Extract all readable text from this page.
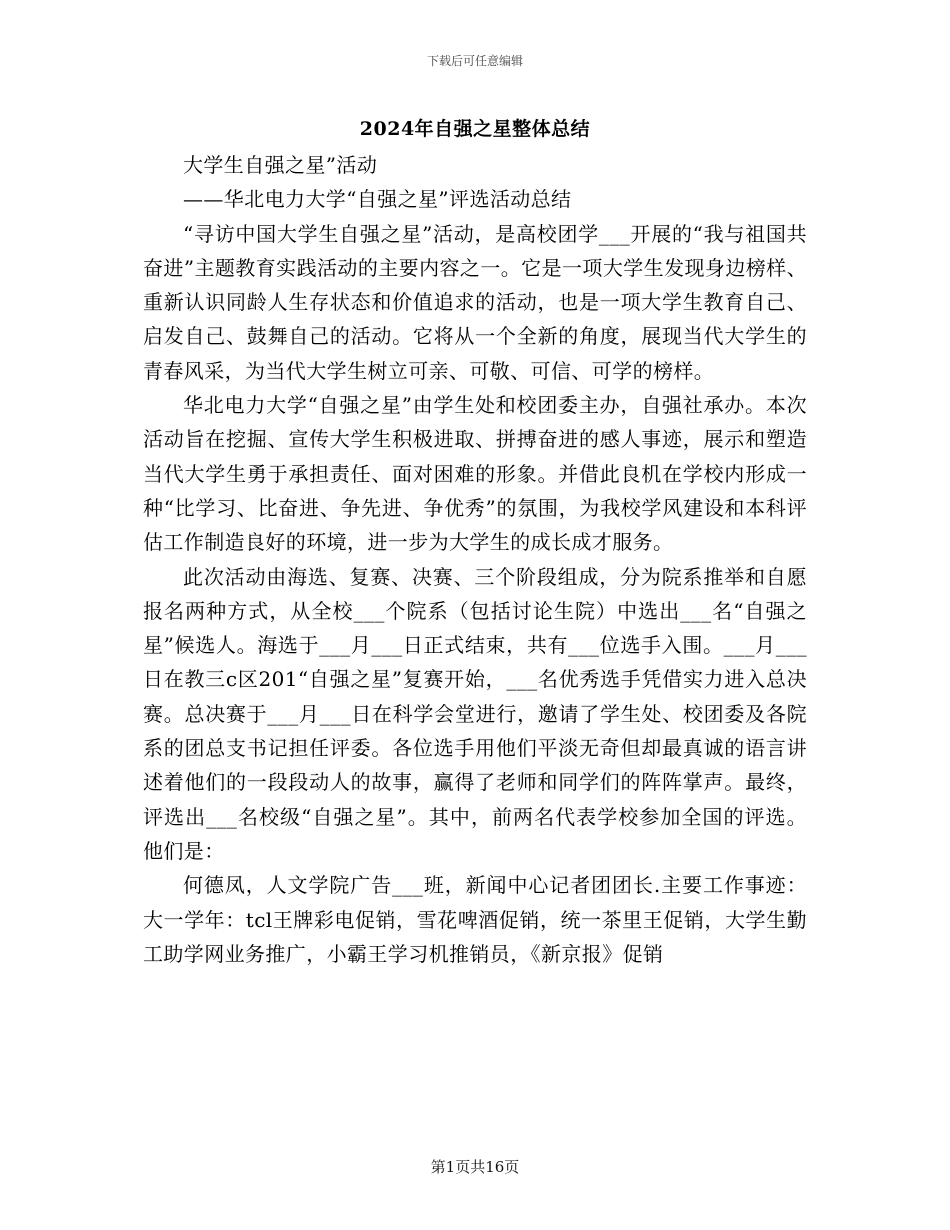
下载后可任意编辑
2024年自强之星整体总结

大学生自强之星”活动

——华北电力大学“自强之星”评选活动总结

“寻访中国大学生自强之星”活动，是高校团学___开展的“我与祖国共奋进”主题教育实践活动的主要内容之一。它是一项大学生发现身边榜样、重新认识同龄人生存状态和价值追求的活动，也是一项大学生教育自己、启发自己、鼓舞自己的活动。它将从一个全新的角度，展现当代大学生的青春风采，为当代大学生树立可亲、可敬、可信、可学的榜样。

华北电力大学“自强之星”由学生处和校团委主办，自强社承办。本次活动旨在挖掘、宣传大学生积极进取、拼搏奋进的感人事迹，展示和塑造当代大学生勇于承担责任、面对困难的形象。并借此良机在学校内形成一种“比学习、比奋进、争先进、争优秀”的氛围，为我校学风建设和本科评估工作制造良好的环境，进一步为大学生的成长成才服务。

此次活动由海选、复赛、决赛、三个阶段组成，分为院系推举和自愿报名两种方式，从全校___个院系（包括讨论生院）中选出___名“自强之星”候选人。海选于___月___日正式结束，共有___位选手入围。___月___日在教三c区201“自强之星”复赛开始，___名优秀选手凭借实力进入总决赛。总决赛于___月___日在科学会堂进行，邀请了学生处、校团委及各院系的团总支书记担任评委。各位选手用他们平淡无奇但却最真诚的语言讲述着他们的一段段动人的故事，赢得了老师和同学们的阵阵掌声。最终，评选出___名校级“自强之星”。其中，前两名代表学校参加全国的评选。他们是：

何德凤，人文学院广告___班，新闻中心记者团团长.主要工作事迹：大一学年：tcl王牌彩电促销，雪花啤酒促销，统一茶里王促销，大学生勤工助学网业务推广，小霸王学习机推销员，《新京报》促销

第1页共16页
